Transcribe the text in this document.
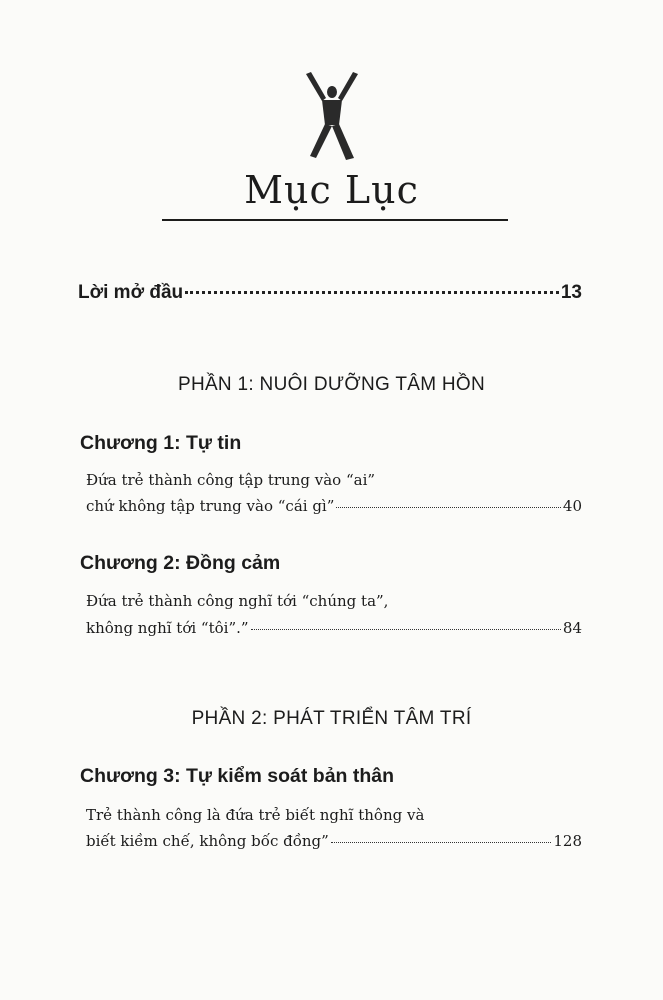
Mục Lục
Lời mở đầu	13
PHẦN 1: NUÔI DƯỠNG TÂM HỒN
Chương 1: Tự tin
Đứa trẻ thành công tập trung vào “ai”
chứ không tập trung vào “cái gì”	40
Chương 2: Đồng cảm
Đứa trẻ thành công nghĩ tới “chúng ta”,
không nghĩ tới “tôi”.”	84
PHẦN 2: PHÁT TRIỂN TÂM TRÍ
Chương 3: Tự kiểm soát bản thân
Trẻ thành công là đứa trẻ biết nghĩ thông và
biết kiềm chế, không bốc đồng”	128
